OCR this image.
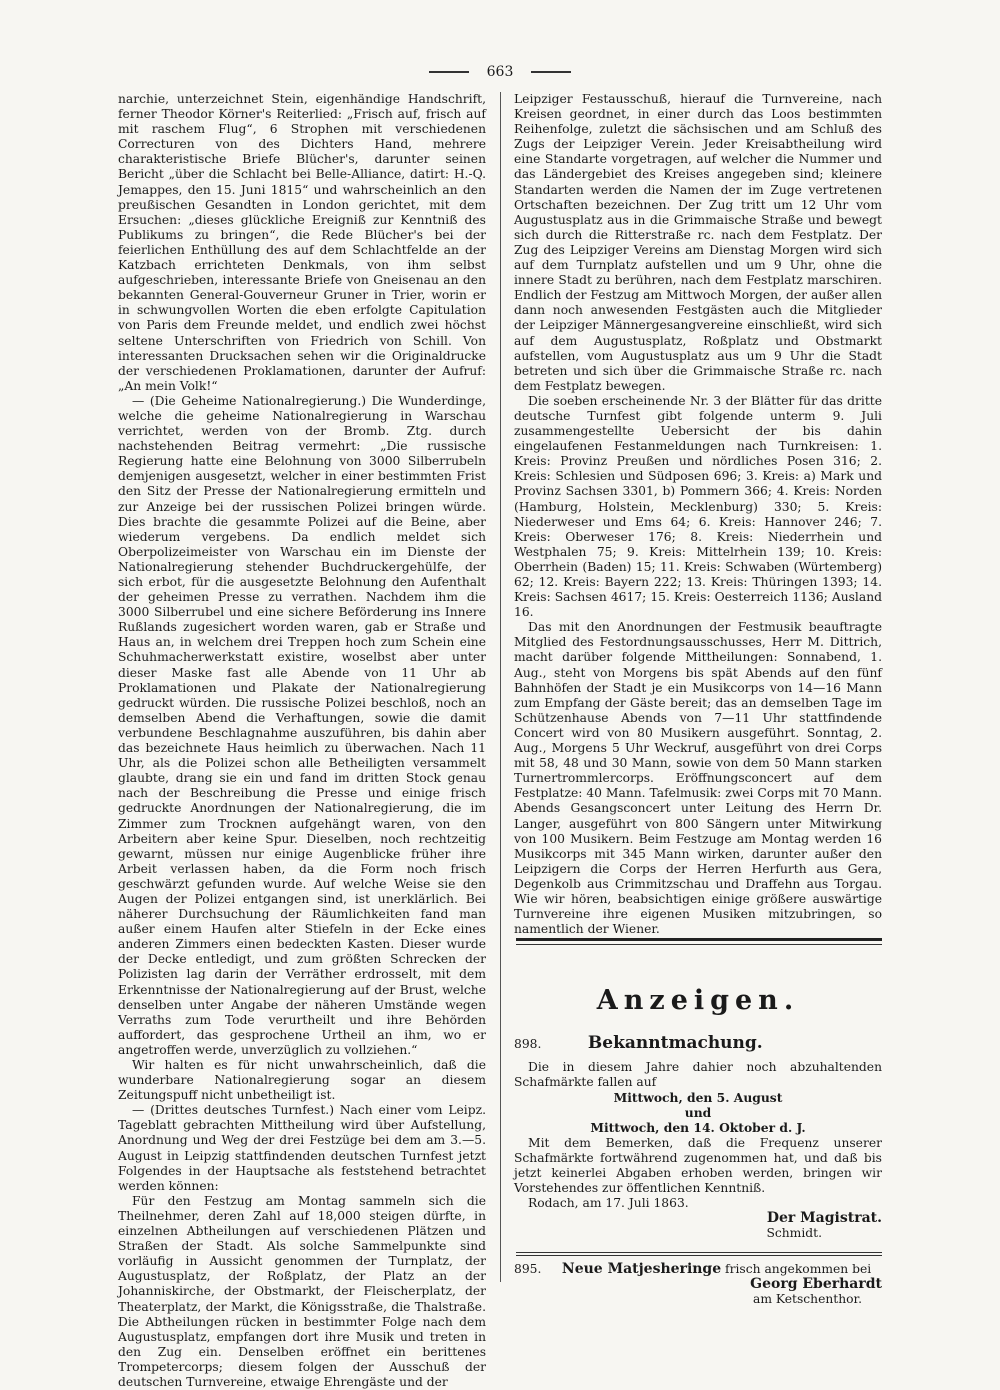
663

narchie, unterzeichnet Stein, eigenhändige Handschrift, ferner Theodor Körner's Reiterlied: „Frisch auf, frisch auf mit raschem Flug“, 6 Strophen mit verschiedenen Correcturen von des Dichters Hand, mehrere charakteristische Briefe Blücher's, darunter seinen Bericht „über die Schlacht bei Belle-Alliance, datirt: H.-Q. Jemappes, den 15. Juni 1815“ und wahrscheinlich an den preußischen Gesandten in London gerichtet, mit dem Ersuchen: „dieses glückliche Ereigniß zur Kenntniß des Publikums zu bringen“, die Rede Blücher's bei der feierlichen Enthüllung des auf dem Schlachtfelde an der Katzbach errichteten Denkmals, von ihm selbst aufgeschrieben, interessante Briefe von Gneisenau an den bekannten General-Gouverneur Gruner in Trier, worin er in schwungvollen Worten die eben erfolgte Capitulation von Paris dem Freunde meldet, und endlich zwei höchst seltene Unterschriften von Friedrich von Schill. Von interessanten Drucksachen sehen wir die Originaldrucke der verschiedenen Proklamationen, darunter der Aufruf: „An mein Volk!“

— (Die Geheime Nationalregierung.) Die Wunderdinge, welche die geheime Nationalregierung in Warschau verrichtet, werden von der Bromb. Ztg. durch nachstehenden Beitrag vermehrt: „Die russische Regierung hatte eine Belohnung von 3000 Silberrubeln demjenigen ausgesetzt, welcher in einer bestimmten Frist den Sitz der Presse der Nationalregierung ermitteln und zur Anzeige bei der russischen Polizei bringen würde. Dies brachte die gesammte Polizei auf die Beine, aber wiederum vergebens. Da endlich meldet sich Oberpolizeimeister von Warschau ein im Dienste der Nationalregierung stehender Buchdruckergehülfe, der sich erbot, für die ausgesetzte Belohnung den Aufenthalt der geheimen Presse zu verrathen. Nachdem ihm die 3000 Silberrubel und eine sichere Beförderung ins Innere Rußlands zugesichert worden waren, gab er Straße und Haus an, in welchem drei Treppen hoch zum Schein eine Schuhmacherwerkstatt existire, woselbst aber unter dieser Maske fast alle Abende von 11 Uhr ab Proklamationen und Plakate der Nationalregierung gedruckt würden. Die russische Polizei beschloß, noch an demselben Abend die Verhaftungen, sowie die damit verbundene Beschlagnahme auszuführen, bis dahin aber das bezeichnete Haus heimlich zu überwachen. Nach 11 Uhr, als die Polizei schon alle Betheiligten versammelt glaubte, drang sie ein und fand im dritten Stock genau nach der Beschreibung die Presse und einige frisch gedruckte Anordnungen der Nationalregierung, die im Zimmer zum Trocknen aufgehängt waren, von den Arbeitern aber keine Spur. Dieselben, noch rechtzeitig gewarnt, müssen nur einige Augenblicke früher ihre Arbeit verlassen haben, da die Form noch frisch geschwärzt gefunden wurde. Auf welche Weise sie den Augen der Polizei entgangen sind, ist unerklärlich. Bei näherer Durchsuchung der Räumlichkeiten fand man außer einem Haufen alter Stiefeln in der Ecke eines anderen Zimmers einen bedeckten Kasten. Dieser wurde der Decke entledigt, und zum größten Schrecken der Polizisten lag darin der Verräther erdrosselt, mit dem Erkenntnisse der Nationalregierung auf der Brust, welche denselben unter Angabe der näheren Umstände wegen Verraths zum Tode verurtheilt und ihre Behörden auffordert, das gesprochene Urtheil an ihm, wo er angetroffen werde, unverzüglich zu vollziehen.“

Wir halten es für nicht unwahrscheinlich, daß die wunderbare Nationalregierung sogar an diesem Zeitungspuff nicht unbetheiligt ist.

— (Drittes deutsches Turnfest.) Nach einer vom Leipz. Tageblatt gebrachten Mittheilung wird über Aufstellung, Anordnung und Weg der drei Festzüge bei dem am 3.—5. August in Leipzig stattfindenden deutschen Turnfest jetzt Folgendes in der Hauptsache als feststehend betrachtet werden können:

Für den Festzug am Montag sammeln sich die Theilnehmer, deren Zahl auf 18,000 steigen dürfte, in einzelnen Abtheilungen auf verschiedenen Plätzen und Straßen der Stadt. Als solche Sammelpunkte sind vorläufig in Aussicht genommen der Turnplatz, der Augustusplatz, der Roßplatz, der Platz an der Johanniskirche, der Obstmarkt, der Fleischerplatz, der Theaterplatz, der Markt, die Königsstraße, die Thalstraße. Die Abtheilungen rücken in bestimmter Folge nach dem Augustusplatz, empfangen dort ihre Musik und treten in den Zug ein. Denselben eröffnet ein berittenes Trompetercorps; diesem folgen der Ausschuß der deutschen Turnvereine, etwaige Ehrengäste und der

Leipziger Festausschuß, hierauf die Turnvereine, nach Kreisen geordnet, in einer durch das Loos bestimmten Reihenfolge, zuletzt die sächsischen und am Schluß des Zugs der Leipziger Verein. Jeder Kreisabtheilung wird eine Standarte vorgetragen, auf welcher die Nummer und das Ländergebiet des Kreises angegeben sind; kleinere Standarten werden die Namen der im Zuge vertretenen Ortschaften bezeichnen. Der Zug tritt um 12 Uhr vom Augustusplatz aus in die Grimmaische Straße und bewegt sich durch die Ritterstraße rc. nach dem Festplatz. Der Zug des Leipziger Vereins am Dienstag Morgen wird sich auf dem Turnplatz aufstellen und um 9 Uhr, ohne die innere Stadt zu berühren, nach dem Festplatz marschiren. Endlich der Festzug am Mittwoch Morgen, der außer allen dann noch anwesenden Festgästen auch die Mitglieder der Leipziger Männergesangvereine einschließt, wird sich auf dem Augustusplatz, Roßplatz und Obstmarkt aufstellen, vom Augustusplatz aus um 9 Uhr die Stadt betreten und sich über die Grimmaische Straße rc. nach dem Festplatz bewegen.

Die soeben erscheinende Nr. 3 der Blätter für das dritte deutsche Turnfest gibt folgende unterm 9. Juli zusammengestellte Uebersicht der bis dahin eingelaufenen Festanmeldungen nach Turnkreisen: 1. Kreis: Provinz Preußen und nördliches Posen 316; 2. Kreis: Schlesien und Südposen 696; 3. Kreis: a) Mark und Provinz Sachsen 3301, b) Pommern 366; 4. Kreis: Norden (Hamburg, Holstein, Mecklenburg) 330; 5. Kreis: Niederweser und Ems 64; 6. Kreis: Hannover 246; 7. Kreis: Oberweser 176; 8. Kreis: Niederrhein und Westphalen 75; 9. Kreis: Mittelrhein 139; 10. Kreis: Oberrhein (Baden) 15; 11. Kreis: Schwaben (Würtemberg) 62; 12. Kreis: Bayern 222; 13. Kreis: Thüringen 1393; 14. Kreis: Sachsen 4617; 15. Kreis: Oesterreich 1136; Ausland 16.

Das mit den Anordnungen der Festmusik beauftragte Mitglied des Festordnungsausschusses, Herr M. Dittrich, macht darüber folgende Mittheilungen: Sonnabend, 1. Aug., steht von Morgens bis spät Abends auf den fünf Bahnhöfen der Stadt je ein Musikcorps von 14—16 Mann zum Empfang der Gäste bereit; das an demselben Tage im Schützenhause Abends von 7—11 Uhr stattfindende Concert wird von 80 Musikern ausgeführt. Sonntag, 2. Aug., Morgens 5 Uhr Weckruf, ausgeführt von drei Corps mit 58, 48 und 30 Mann, sowie von dem 50 Mann starken Turnertrommlercorps. Eröffnungsconcert auf dem Festplatze: 40 Mann. Tafelmusik: zwei Corps mit 70 Mann. Abends Gesangsconcert unter Leitung des Herrn Dr. Langer, ausgeführt von 800 Sängern unter Mitwirkung von 100 Musikern. Beim Festzuge am Montag werden 16 Musikcorps mit 345 Mann wirken, darunter außer den Leipzigern die Corps der Herren Herfurth aus Gera, Degenkolb aus Crimmitzschau und Draffehn aus Torgau. Wie wir hören, beabsichtigen einige größere auswärtige Turnvereine ihre eigenen Musiken mitzubringen, so namentlich der Wiener.

Anzeigen.
898.	Bekanntmachung.
Die in diesem Jahre dahier noch abzuhaltenden Schafmärkte fallen auf
Mittwoch, den 5. August
und
Mittwoch, den 14. Oktober d. J.
Mit dem Bemerken, daß die Frequenz unserer Schafmärkte fortwährend zugenommen hat, und daß bis jetzt keinerlei Abgaben erhoben werden, bringen wir Vorstehendes zur öffentlichen Kenntniß.
Rodach, am 17. Juli 1863.
Der Magistrat.
Schmidt.
895. Neue Matjesheringe frisch angekommen bei
Georg Eberhardt
am Ketschenthor.
